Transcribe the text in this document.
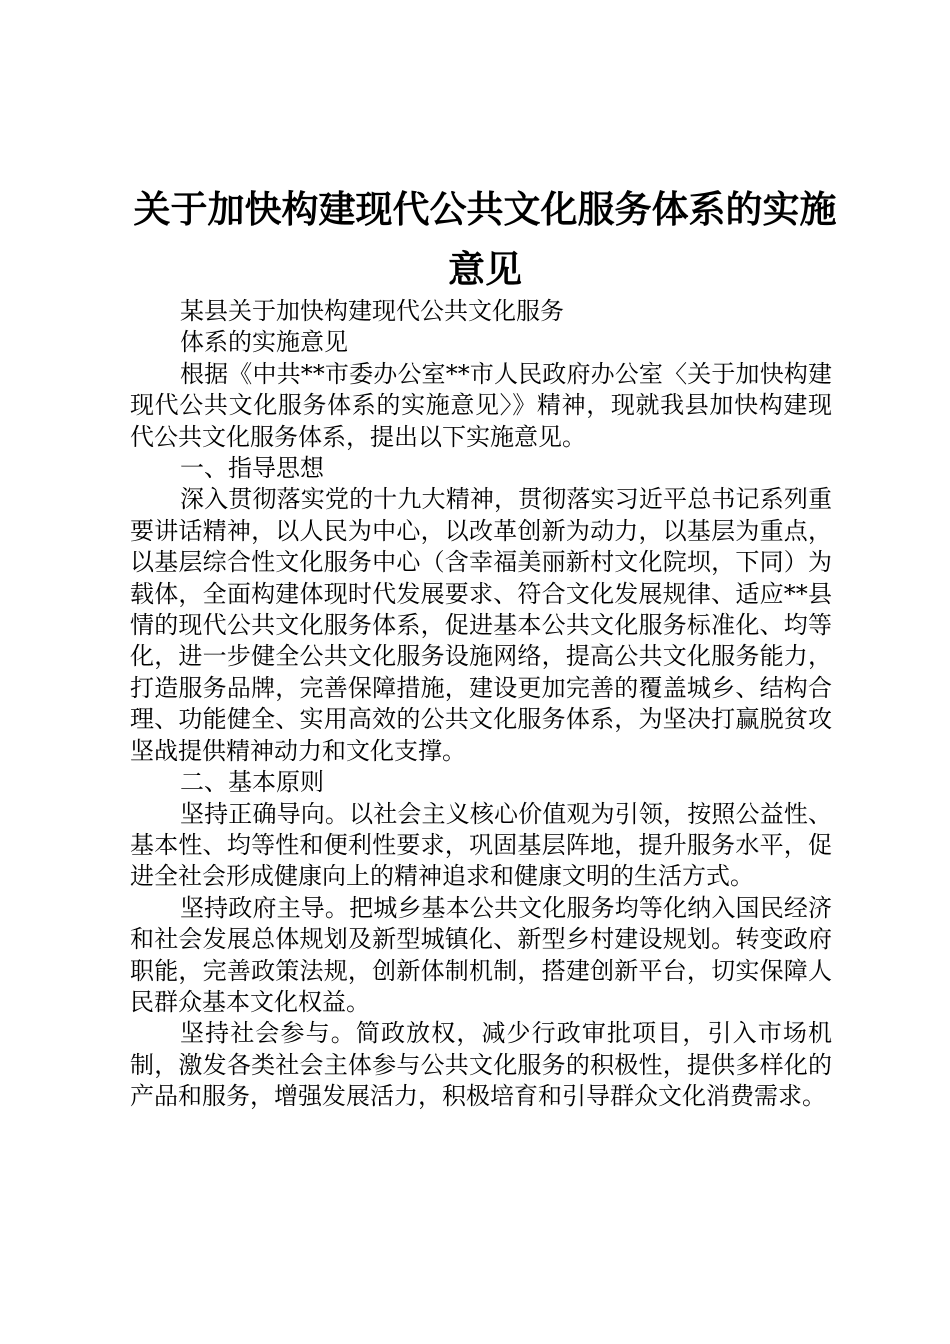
关于加快构建现代公共文化服务体系的实施意见

某县关于加快构建现代公共文化服务

体系的实施意见

根据《中共**市委办公室**市人民政府办公室〈关于加快构建现代公共文化服务体系的实施意见〉》精神，现就我县加快构建现代公共文化服务体系，提出以下实施意见。

一、指导思想

深入贯彻落实党的十九大精神，贯彻落实习近平总书记系列重要讲话精神，以人民为中心，以改革创新为动力，以基层为重点，以基层综合性文化服务中心（含幸福美丽新村文化院坝，下同）为载体，全面构建体现时代发展要求、符合文化发展规律、适应**县情的现代公共文化服务体系，促进基本公共文化服务标准化、均等化，进一步健全公共文化服务设施网络，提高公共文化服务能力，打造服务品牌，完善保障措施，建设更加完善的覆盖城乡、结构合理、功能健全、实用高效的公共文化服务体系，为坚决打赢脱贫攻坚战提供精神动力和文化支撑。

二、基本原则

坚持正确导向。以社会主义核心价值观为引领，按照公益性、基本性、均等性和便利性要求，巩固基层阵地，提升服务水平，促进全社会形成健康向上的精神追求和健康文明的生活方式。

坚持政府主导。把城乡基本公共文化服务均等化纳入国民经济和社会发展总体规划及新型城镇化、新型乡村建设规划。转变政府职能，完善政策法规，创新体制机制，搭建创新平台，切实保障人民群众基本文化权益。

坚持社会参与。简政放权，减少行政审批项目，引入市场机制，激发各类社会主体参与公共文化服务的积极性，提供多样化的产品和服务，增强发展活力，积极培育和引导群众文化消费需求。
